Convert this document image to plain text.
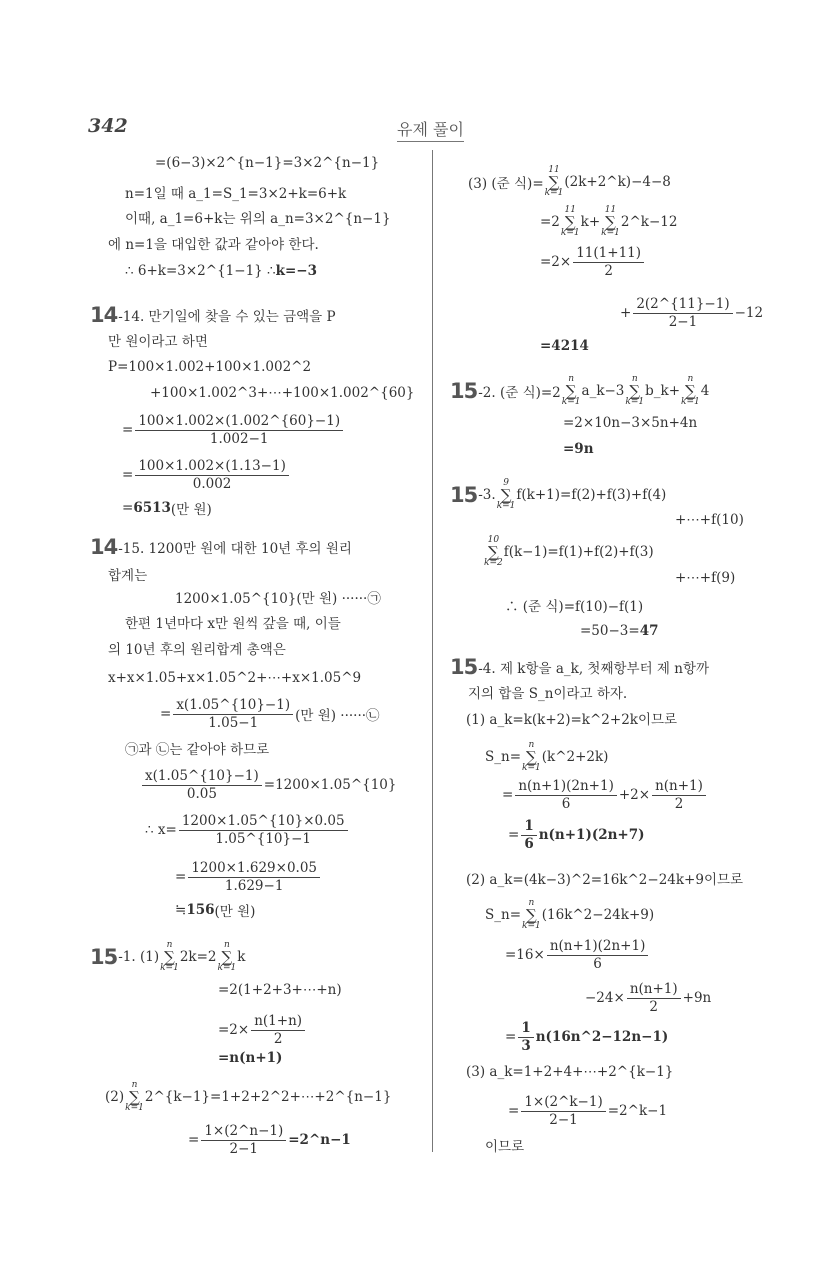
342	유제 풀이
=(6−3)×2^{n−1}=3×2^{n−1}
n=1일 때 a_1=S_1=3×2+k=6+k
이때, a_1=6+k는 위의 a_n=3×2^{n−1}
에 n=1을 대입한 값과 같아야 한다.
∴ 6+k=3×2^{1−1} ∴ k=−3
14 -14. 만기일에 찾을 수 있는 금액을 P
만 원이라고 하면
P=100×1.002+100×1.002^2
+100×1.002^3+⋯+100×1.002^{60}
= $\frac{100\times 1.002\times(1.002\^{}\{60\}-1)}{1.002-1}$
= $\frac{100\times 1.002\times(1.13-1)}{0.002}$
= 6513 (만 원)
14 -15. 1200만 원에 대한 10년 후의 원리
합계는
1200×1.05^{10}(만 원) ······㉠
한편 1년마다 x만 원씩 갚을 때, 이들
의 10년 후의 원리합계 총액은
x+x×1.05+x×1.05^2+⋯+x×1.05^9
= $\frac{x(1.05\^{}\{10\}-1)}{1.05-1}$ (만 원) ······㉡
㉠과 ㉡는 같아야 하므로
$\frac{x(1.05\^{}\{10\}-1)}{0.05}$ =1200×1.05^{10}
∴ $x= \frac{1200\times 1.05\^{}\{10\}\times 0.05}{1.05\^{}\{10\}-1}$
= $\frac{1200\times 1.629\times 0.05}{1.629-1}$
≒ 156 (만 원)
15 -1. (1)
n
∑
k=1
2k=2
n
∑
k=1
k
=2(1+2+3+⋯+n)
$=2\times \frac{n(1+n)}{2}$
=n(n+1)
(2)
n
∑
k=1
2^{k−1}=1+2+2^2+⋯+2^{n−1}
= $\frac{1\times(2\^{}n-1)}{2-1}$ =2^n−1
(3) (준 식)=
11
∑
k=1
(2k+2^k)−4−8
=2
11
∑
k=1
k+
11
∑
k=1
2^k−12
$=2\times \frac{11(1+11)}{2}$
+ $\frac{2(2\^{}\{11\}-1)}{2-1} -12$
=4214
15 -2. (준 식)=2
n
∑
k=1
a_k−3
n
∑
k=1
b_k+
n
∑
k=1
4
=2×10n−3×5n+4n
=9n
15 -3.
9
∑
k=1
f(k+1)=f(2)+f(3)+f(4)
+⋯+f(10)
10
∑
k=2
f(k−1)=f(1)+f(2)+f(3)
+⋯+f(9)
∴ (준 식)=f(10)−f(1)
=50−3= 47
15 -4. 제 k항을 a_k, 첫째항부터 제 n항까
지의 합을 S_n이라고 하자.
(1) a_k=k(k+2)=k^2+2k이므로
S_n=
n
∑
k=1
(k^2+2k)
= $\frac{n(n+1)(2n+1)}{6} +2\times \frac{n(n+1)}{2}$
= $\frac{1}{6} n(n+1)(2n+7)$
(2) a_k=(4k−3)^2=16k^2−24k+9이므로
S_n=
n
∑
k=1
(16k^2−24k+9)
$=16\times \frac{n(n+1)(2n+1)}{6}$
$-24\times \frac{n(n+1)}{2} +9n$
= $\frac{1}{3}$ n(16n^2−12n−1)
(3) a_k=1+2+4+⋯+2^{k−1}
= $\frac{1\times(2\^{}k-1)}{2-1}$ =2^k−1
이므로
